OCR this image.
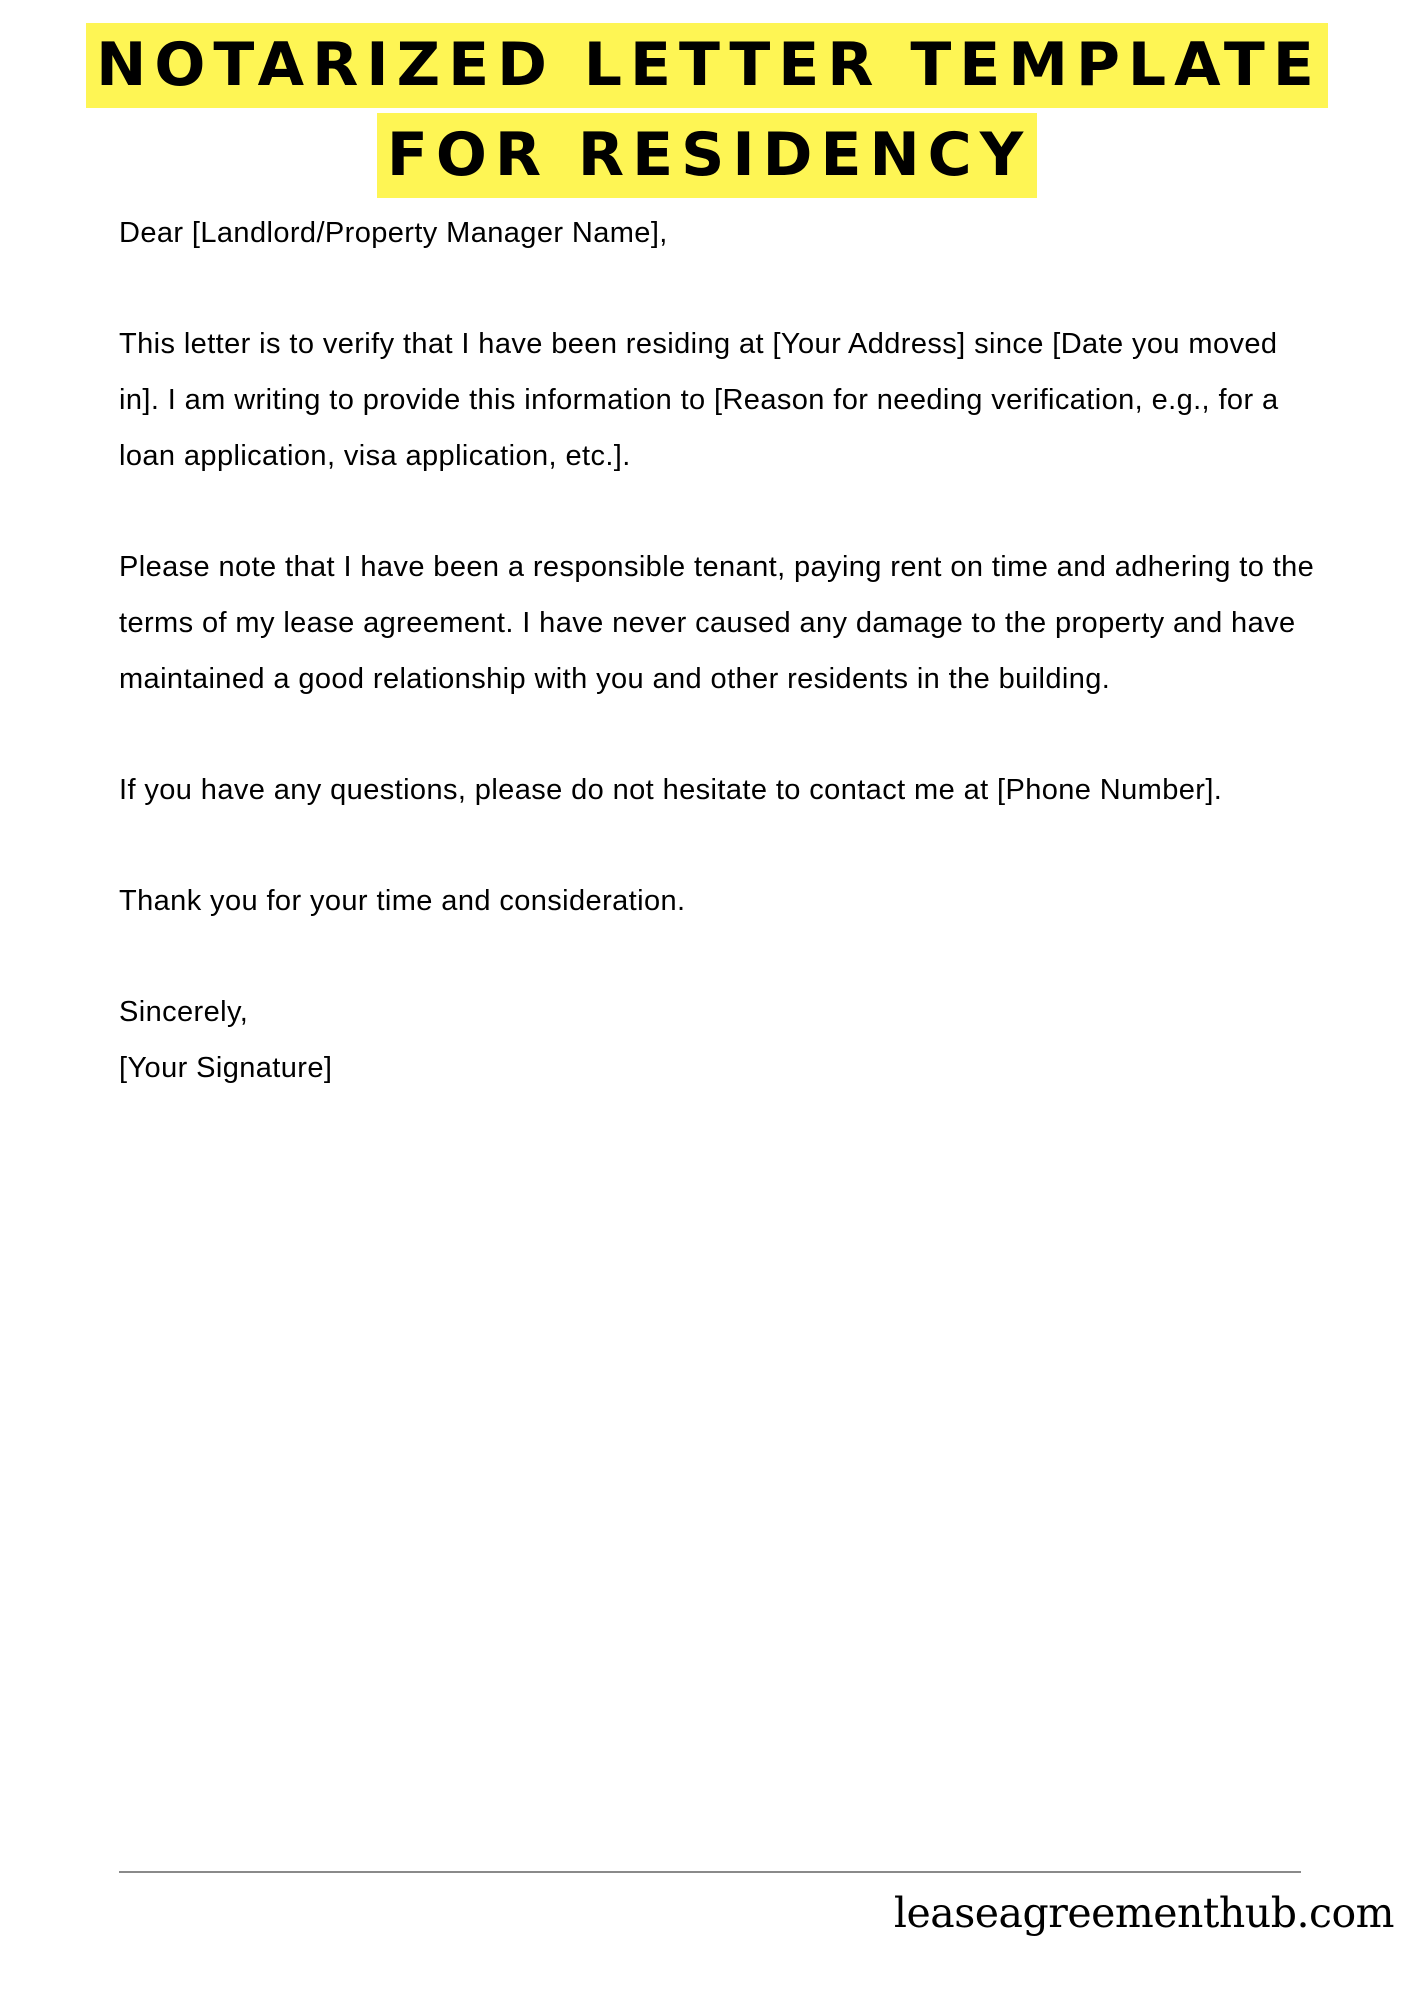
NOTARIZED LETTER TEMPLATE
FOR RESIDENCY

Dear [Landlord/Property Manager Name],

This letter is to verify that I have been residing at [Your Address] since [Date you moved in]. I am writing to provide this information to [Reason for needing verification, e.g., for a loan application, visa application, etc.].

Please note that I have been a responsible tenant, paying rent on time and adhering to the terms of my lease agreement. I have never caused any damage to the property and have maintained a good relationship with you and other residents in the building.

If you have any questions, please do not hesitate to contact me at [Phone Number].

Thank you for your time and consideration.

Sincerely,

[Your Signature]

leaseagreementhub.com
